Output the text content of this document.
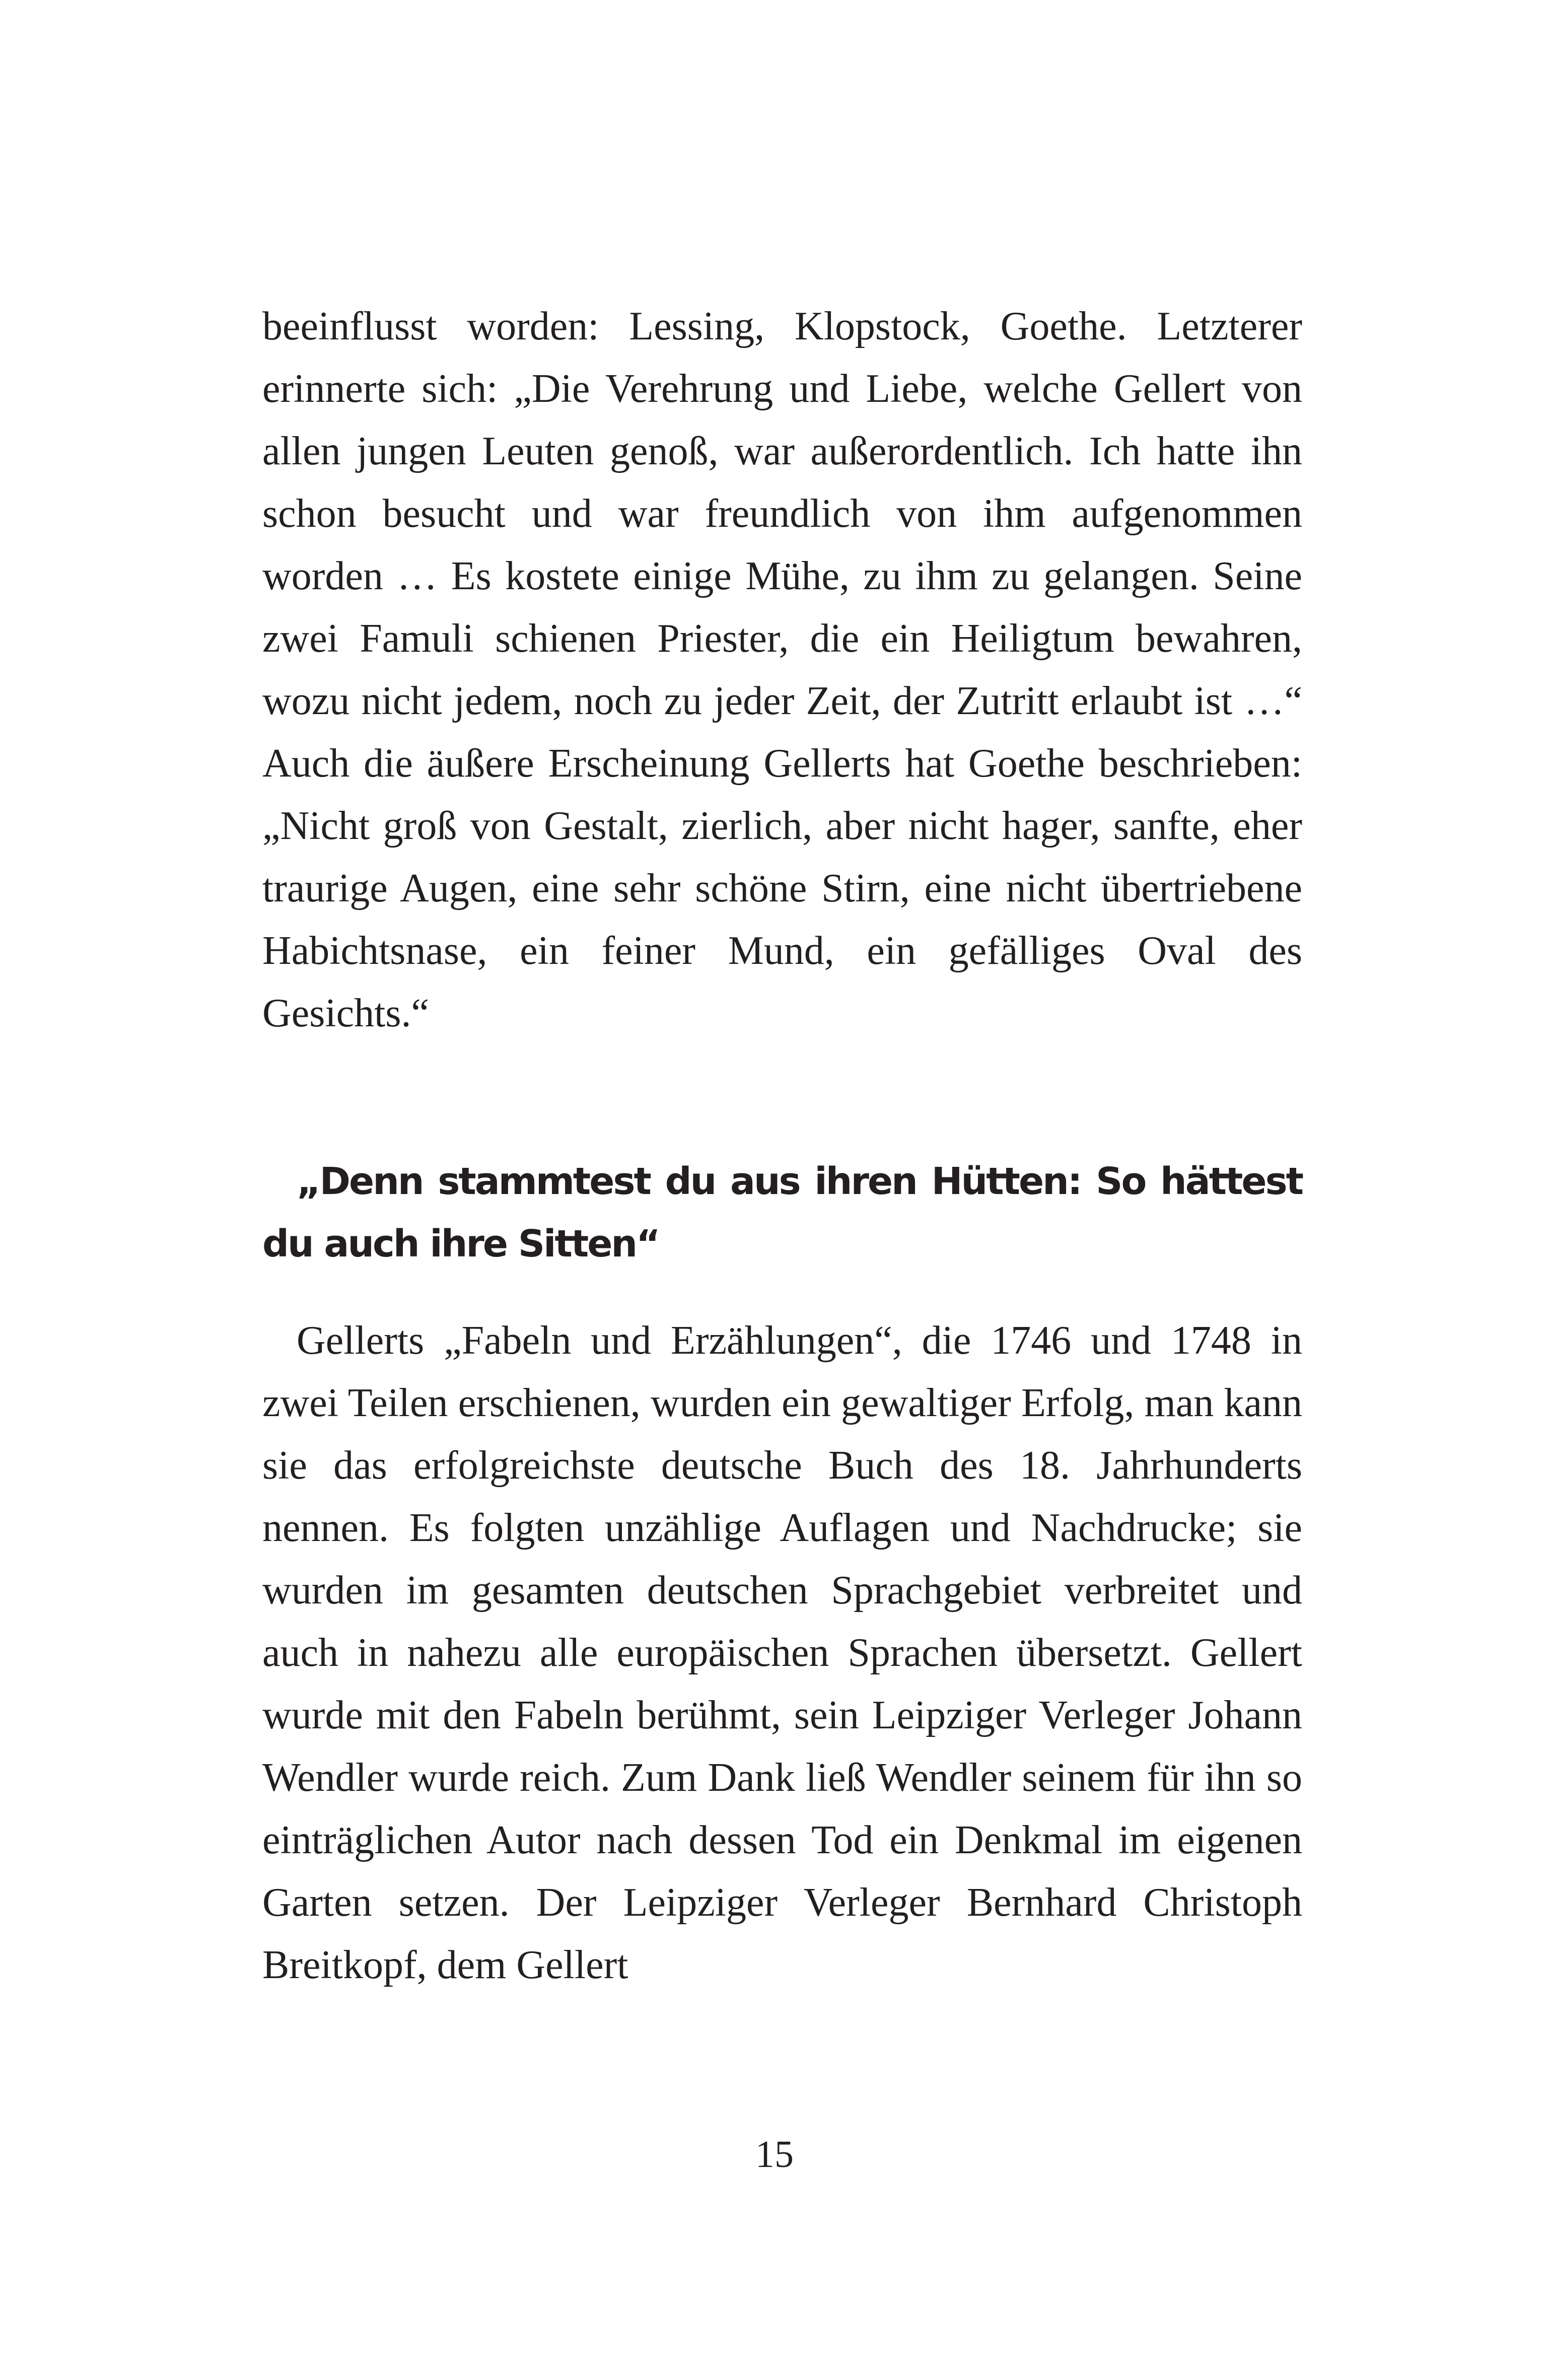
beeinflusst worden: Lessing, Klopstock, Goethe. Letzterer erinnerte sich: „Die Verehrung und Liebe, welche Gellert von allen jungen Leuten genoß, war außerordentlich. Ich hatte ihn schon besucht und war freundlich von ihm aufgenommen worden … Es kostete einige Mühe, zu ihm zu gelangen. Seine zwei Famuli schienen Priester, die ein Heiligtum bewahren, wozu nicht jedem, noch zu jeder Zeit, der Zutritt erlaubt ist …“ Auch die äußere Erscheinung Gellerts hat Goethe beschrieben: „Nicht groß von Gestalt, zierlich, aber nicht hager, sanfte, eher traurige Augen, eine sehr schöne Stirn, eine nicht übertriebene Habichtsnase, ein feiner Mund, ein gefälliges Oval des Gesichts.“

„Denn stammtest du aus ihren Hütten: So hättest du auch ihre Sitten“

Gellerts „Fabeln und Erzählungen“, die 1746 und 1748 in zwei Teilen erschienen, wurden ein gewaltiger Erfolg, man kann sie das erfolgreichste deutsche Buch des 18. Jahrhunderts nennen. Es folgten unzählige Auflagen und Nachdrucke; sie wurden im gesamten deutschen Sprachgebiet verbreitet und auch in nahezu alle europäischen Sprachen übersetzt. Gellert wurde mit den Fabeln berühmt, sein Leipziger Verleger Johann Wendler wurde reich. Zum Dank ließ Wendler seinem für ihn so einträglichen Autor nach dessen Tod ein Denkmal im eigenen Garten setzen. Der Leipziger Verleger Bernhard Christoph Breitkopf, dem Gellert

15
